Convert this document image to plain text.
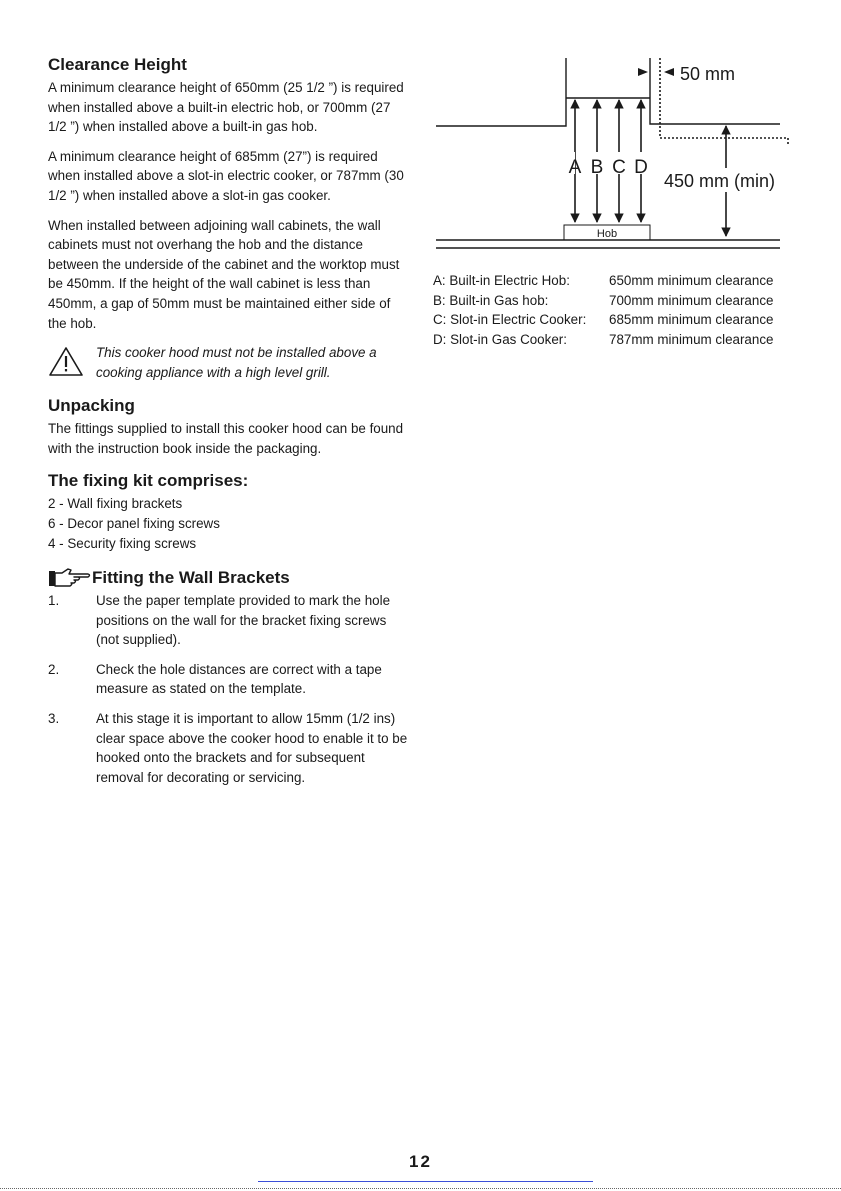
Clearance Height

A minimum clearance height of 650mm (25 1/2 ”) is required when installed above a built-in electric hob, or 700mm (27 1/2 ”) when installed above a built-in gas hob.

A minimum clearance height of 685mm (27”) is required when installed above a slot-in electric cooker, or 787mm (30 1/2 ”) when installed above a slot-in gas cooker.

When installed between adjoining wall cabinets, the wall cabinets must not overhang the hob and the distance between the underside of the cabinet and the worktop must be 450mm. If the height of the wall cabinet is less than 450mm, a gap of 50mm must be maintained either side of the hob.

This cooker hood must not be installed above a cooking appliance with a high level grill.
Unpacking

The fittings supplied to install this cooker hood can be found with the instruction book inside the packaging.

The fixing kit comprises:
2 - Wall fixing brackets
6 - Decor panel fixing screws
4 - Security fixing screws
Fitting the Wall Brackets
1.	Use the paper template provided to mark the hole positions on the wall for the bracket fixing screws (not supplied).
2.	Check the hole distances are correct with a tape measure as stated on the template.
3.	At this stage it is important to allow 15mm (1/2 ins) clear space above the cooker hood to enable it to be hooked onto the brackets and for subsequent removal for decorating or servicing.
50 mm
A B C D
450 mm (min)
Hob
A: Built-in Electric Hob:	650mm minimum clearance
B: Built-in Gas hob:	700mm minimum clearance
C: Slot-in Electric Cooker:	685mm minimum clearance
D: Slot-in Gas Cooker:	787mm minimum clearance
12
